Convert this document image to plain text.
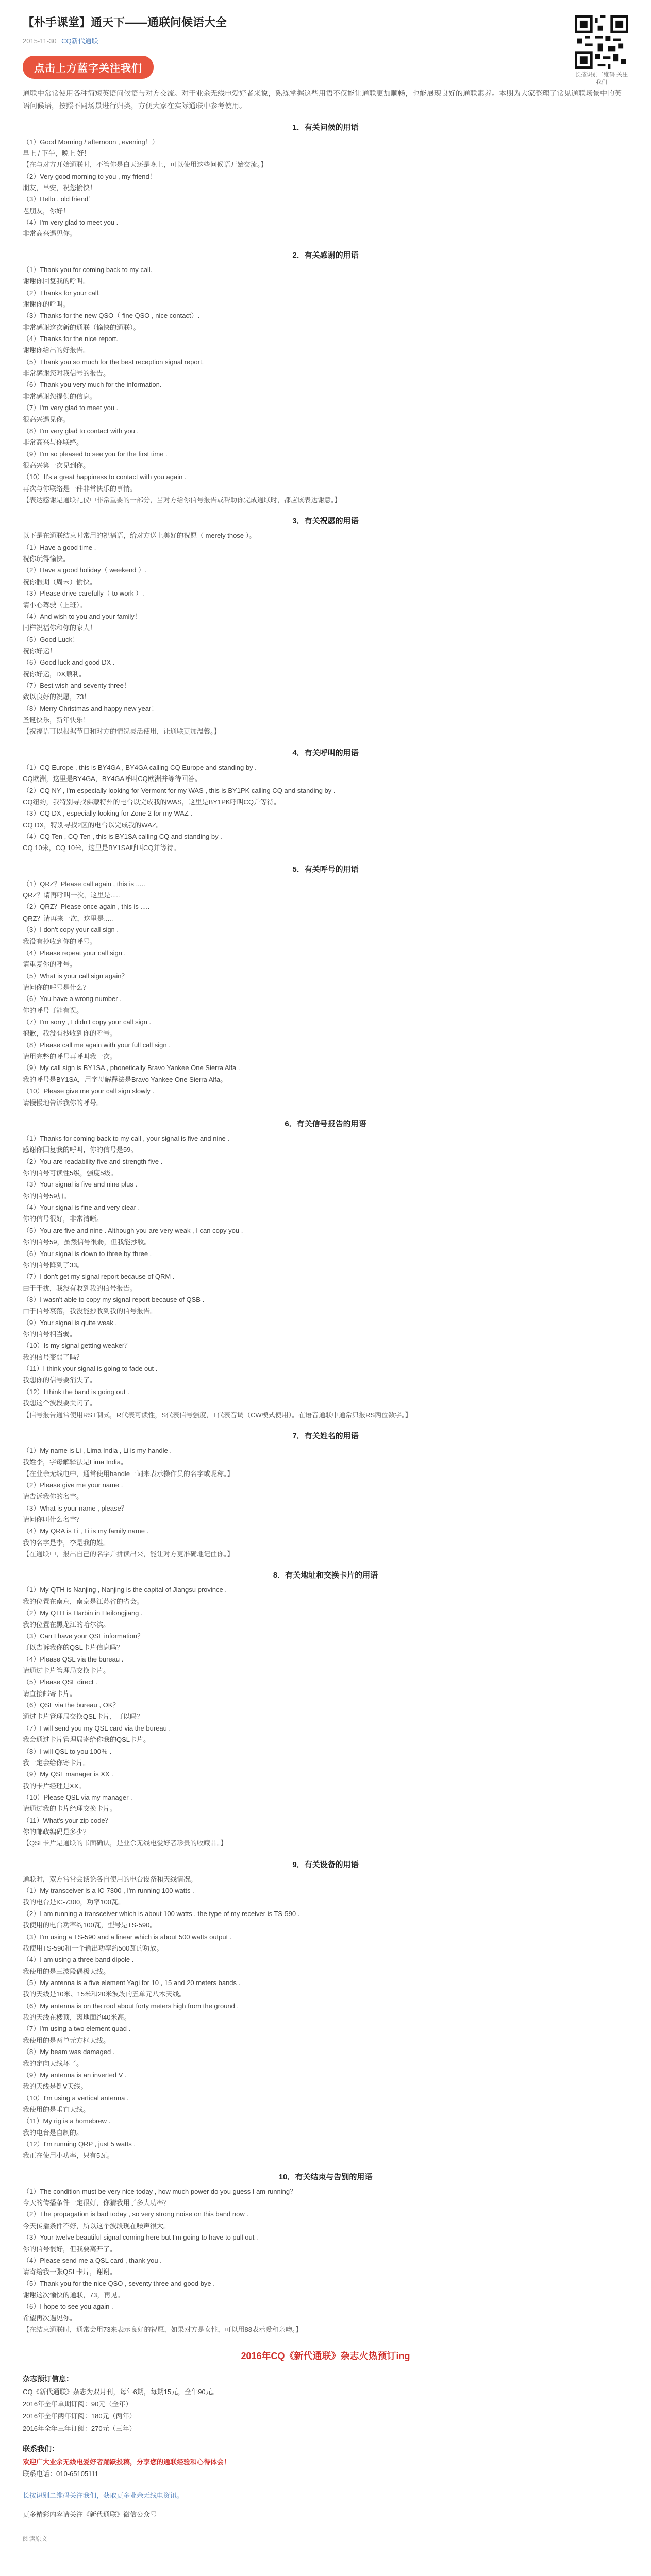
长按识别二维码 关注我们
【朴手课堂】通天下——通联问候语大全
2015-11-30 CQ新代通联
点击上方蓝字关注我们

通联中常常使用各种简短英语问候语与对方交流。对于业余无线电爱好者来说，熟练掌握这些用语不仅能让通联更加顺畅，也能展现良好的通联素养。本期为大家整理了常见通联场景中的英语问候语，按照不同场景进行归类，方便大家在实际通联中参考使用。

1．有关问候的用语
（1）Good Morning / afternoon , evening！）
早上 / 下午，晚上 好！
【在与对方开始通联时，不管你是白天还是晚上，可以使用这些问候语开始交流。】
（2）Very good morning to you , my friend！
朋友，早安，祝您愉快！
（3）Hello , old friend！
老朋友，你好！
（4）I'm very glad to meet you .
非常高兴遇见你。
2．有关感谢的用语
（1）Thank you for coming back to my call.
谢谢你回复我的呼叫。
（2）Thanks for your call.
谢谢你的呼叫。
（3）Thanks for the new QSO（ fine QSO , nice contact）.
非常感谢这次新的通联（愉快的通联）。
（4）Thanks for the nice report.
谢谢你给出的好报告。
（5）Thank you so much for the best reception signal report.
非常感谢您对我信号的报告。
（6）Thank you very much for the information.
非常感谢您提供的信息。
（7）I'm very glad to meet you .
很高兴遇见你。
（8）I'm very glad to contact with you .
非常高兴与你联络。
（9）I'm so pleased to see you for the first time .
很高兴第一次见到你。
（10）It's a great happiness to contact with you again .
再次与你联络是一件非常快乐的事情。
【表达感谢是通联礼仪中非常重要的一部分，当对方给你信号报告或帮助你完成通联时，都应该表达谢意。】
3．有关祝愿的用语
以下是在通联结束时常用的祝福语，给对方送上美好的祝愿（ merely those ）。
（1）Have a good time .
祝你玩得愉快。
（2）Have a good holiday（ weekend ）.
祝你假期（周末）愉快。
（3）Please drive carefully（ to work ）.
请小心驾驶（上班）。
（4）And wish to you and your family！
同样祝福你和你的家人！
（5）Good Luck！
祝你好运！
（6）Good luck and good DX .
祝你好运，DX顺利。
（7）Best wish and seventy three！
致以良好的祝愿，73！
（8）Merry Christmas and happy new year！
圣诞快乐，新年快乐！
【祝福语可以根据节日和对方的情况灵活使用，让通联更加温馨。】
4．有关呼叫的用语
（1）CQ Europe , this is BY4GA , BY4GA calling CQ Europe and standing by .
CQ欧洲，这里是BY4GA，BY4GA呼叫CQ欧洲并等待回答。
（2）CQ NY , I'm especially looking for Vermont for my WAS , this is BY1PK calling CQ and standing by .
CQ纽约，我特别寻找佛蒙特州的电台以完成我的WAS，这里是BY1PK呼叫CQ并等待。
（3）CQ DX , especially looking for Zone 2 for my WAZ .
CQ DX，特别寻找2区的电台以完成我的WAZ。
（4）CQ Ten , CQ Ten , this is BY1SA calling CQ and standing by .
CQ 10米，CQ 10米，这里是BY1SA呼叫CQ并等待。
5．有关呼号的用语
（1）QRZ？Please call again , this is .....
QRZ？请再呼叫一次，这里是.....
（2）QRZ？Please once again , this is .....
QRZ？请再来一次，这里是.....
（3）I don't copy your call sign .
我没有抄收到你的呼号。
（4）Please repeat your call sign .
请重复你的呼号。
（5）What is your call sign again？
请问你的呼号是什么？
（6）You have a wrong number .
你的呼号可能有误。
（7）I'm sorry , I didn't copy your call sign .
抱歉，我没有抄收到你的呼号。
（8）Please call me again with your full call sign .
请用完整的呼号再呼叫我一次。
（9）My call sign is BY1SA , phonetically Bravo Yankee One Sierra Alfa .
我的呼号是BY1SA，用字母解释法是Bravo Yankee One Sierra Alfa。
（10）Please give me your call sign slowly .
请慢慢地告诉我你的呼号。
6．有关信号报告的用语
（1）Thanks for coming back to my call , your signal is five and nine .
感谢你回复我的呼叫，你的信号是59。
（2）You are readability five and strength five .
你的信号可读性5级，强度5级。
（3）Your signal is five and nine plus .
你的信号59加。
（4）Your signal is fine and very clear .
你的信号很好，非常清晰。
（5）You are five and nine . Although you are very weak , I can copy you .
你的信号59，虽然信号很弱，但我能抄收。
（6）Your signal is down to three by three .
你的信号降到了33。
（7）I don't get my signal report because of QRM .
由于干扰，我没有收到我的信号报告。
（8）I wasn't able to copy my signal report because of QSB .
由于信号衰落，我没能抄收到我的信号报告。
（9）Your signal is quite weak .
你的信号相当弱。
（10）Is my signal getting weaker？
我的信号变弱了吗？
（11）I think your signal is going to fade out .
我想你的信号要消失了。
（12）I think the band is going out .
我想这个波段要关闭了。
【信号报告通常使用RST制式，R代表可读性，S代表信号强度，T代表音调（CW模式使用）。在语音通联中通常只报RS两位数字。】
7．有关姓名的用语
（1）My name is Li , Lima India , Li is my handle .
我姓李，字母解释法是Lima India。
【在业余无线电中，通常使用handle一词来表示操作员的名字或昵称。】
（2）Please give me your name .
请告诉我你的名字。
（3）What is your name , please？
请问你叫什么名字？
（4）My QRA is Li , Li is my family name .
我的名字是李，李是我的姓。
【在通联中，报出自己的名字并拼读出来，能让对方更准确地记住你。】
8．有关地址和交换卡片的用语
（1）My QTH is Nanjing , Nanjing is the capital of Jiangsu province .
我的位置在南京，南京是江苏省的省会。
（2）My QTH is Harbin in Heilongjiang .
我的位置在黑龙江的哈尔滨。
（3）Can I have your QSL information？
可以告诉我你的QSL卡片信息吗？
（4）Please QSL via the bureau .
请通过卡片管理局交换卡片。
（5）Please QSL direct .
请直接邮寄卡片。
（6）QSL via the bureau , OK？
通过卡片管理局交换QSL卡片，可以吗？
（7）I will send you my QSL card via the bureau .
我会通过卡片管理局寄给你我的QSL卡片。
（8）I will QSL to you 100％ .
我一定会给你寄卡片。
（9）My QSL manager is XX .
我的卡片经理是XX。
（10）Please QSL via my manager .
请通过我的卡片经理交换卡片。
（11）What's your zip code？
你的邮政编码是多少？
【QSL卡片是通联的书面确认，是业余无线电爱好者珍贵的收藏品。】
9．有关设备的用语
通联时，双方常常会谈论各自使用的电台设备和天线情况。
（1）My transceiver is a IC-7300 , I'm running 100 watts .
我的电台是IC-7300，功率100瓦。
（2）I am running a transceiver which is about 100 watts , the type of my receiver is TS-590 .
我使用的电台功率约100瓦，型号是TS-590。
（3）I'm using a TS-590 and a linear which is about 500 watts output .
我使用TS-590和一个输出功率约500瓦的功放。
（4）I am using a three band dipole .
我使用的是三波段偶极天线。
（5）My antenna is a five element Yagi for 10 , 15 and 20 meters bands .
我的天线是10米、15米和20米波段的五单元八木天线。
（6）My antenna is on the roof about forty meters high from the ground .
我的天线在楼顶，离地面约40米高。
（7）I'm using a two element quad .
我使用的是两单元方框天线。
（8）My beam was damaged .
我的定向天线坏了。
（9）My antenna is an inverted V .
我的天线是倒V天线。
（10）I'm using a vertical antenna .
我使用的是垂直天线。
（11）My rig is a homebrew .
我的电台是自制的。
（12）I'm running QRP , just 5 watts .
我正在使用小功率，只有5瓦。
10．有关结束与告别的用语
（1）The condition must be very nice today , how much power do you guess I am running？
今天的传播条件一定很好，你猜我用了多大功率？
（2）The propagation is bad today , so very strong noise on this band now .
今天传播条件不好，所以这个波段现在噪声很大。
（3）Your twelve beautiful signal coming here but I'm going to have to pull out .
你的信号很好，但我要离开了。
（4）Please send me a QSL card , thank you .
请寄给我一张QSL卡片，谢谢。
（5）Thank you for the nice QSO , seventy three and good bye .
谢谢这次愉快的通联，73，再见。
（6）I hope to see you again .
希望再次遇见你。
【在结束通联时，通常会用73来表示良好的祝愿，如果对方是女性，可以用88表示爱和亲吻。】
2016年CQ《新代通联》杂志火热预订ing
杂志预订信息：

CQ《新代通联》杂志为双月刊，每年6期，每期15元，全年90元。

2016年全年单期订阅：90元（全年）

2016年全年两年订阅：180元（两年）

2016年全年三年订阅：270元（三年）

联系我们：

欢迎广大业余无线电爱好者踊跃投稿，分享您的通联经验和心得体会！

联系电话：010-65105111

长按识别二维码关注我们，获取更多业余无线电资讯。

更多精彩内容请关注《新代通联》微信公众号

阅读原文
